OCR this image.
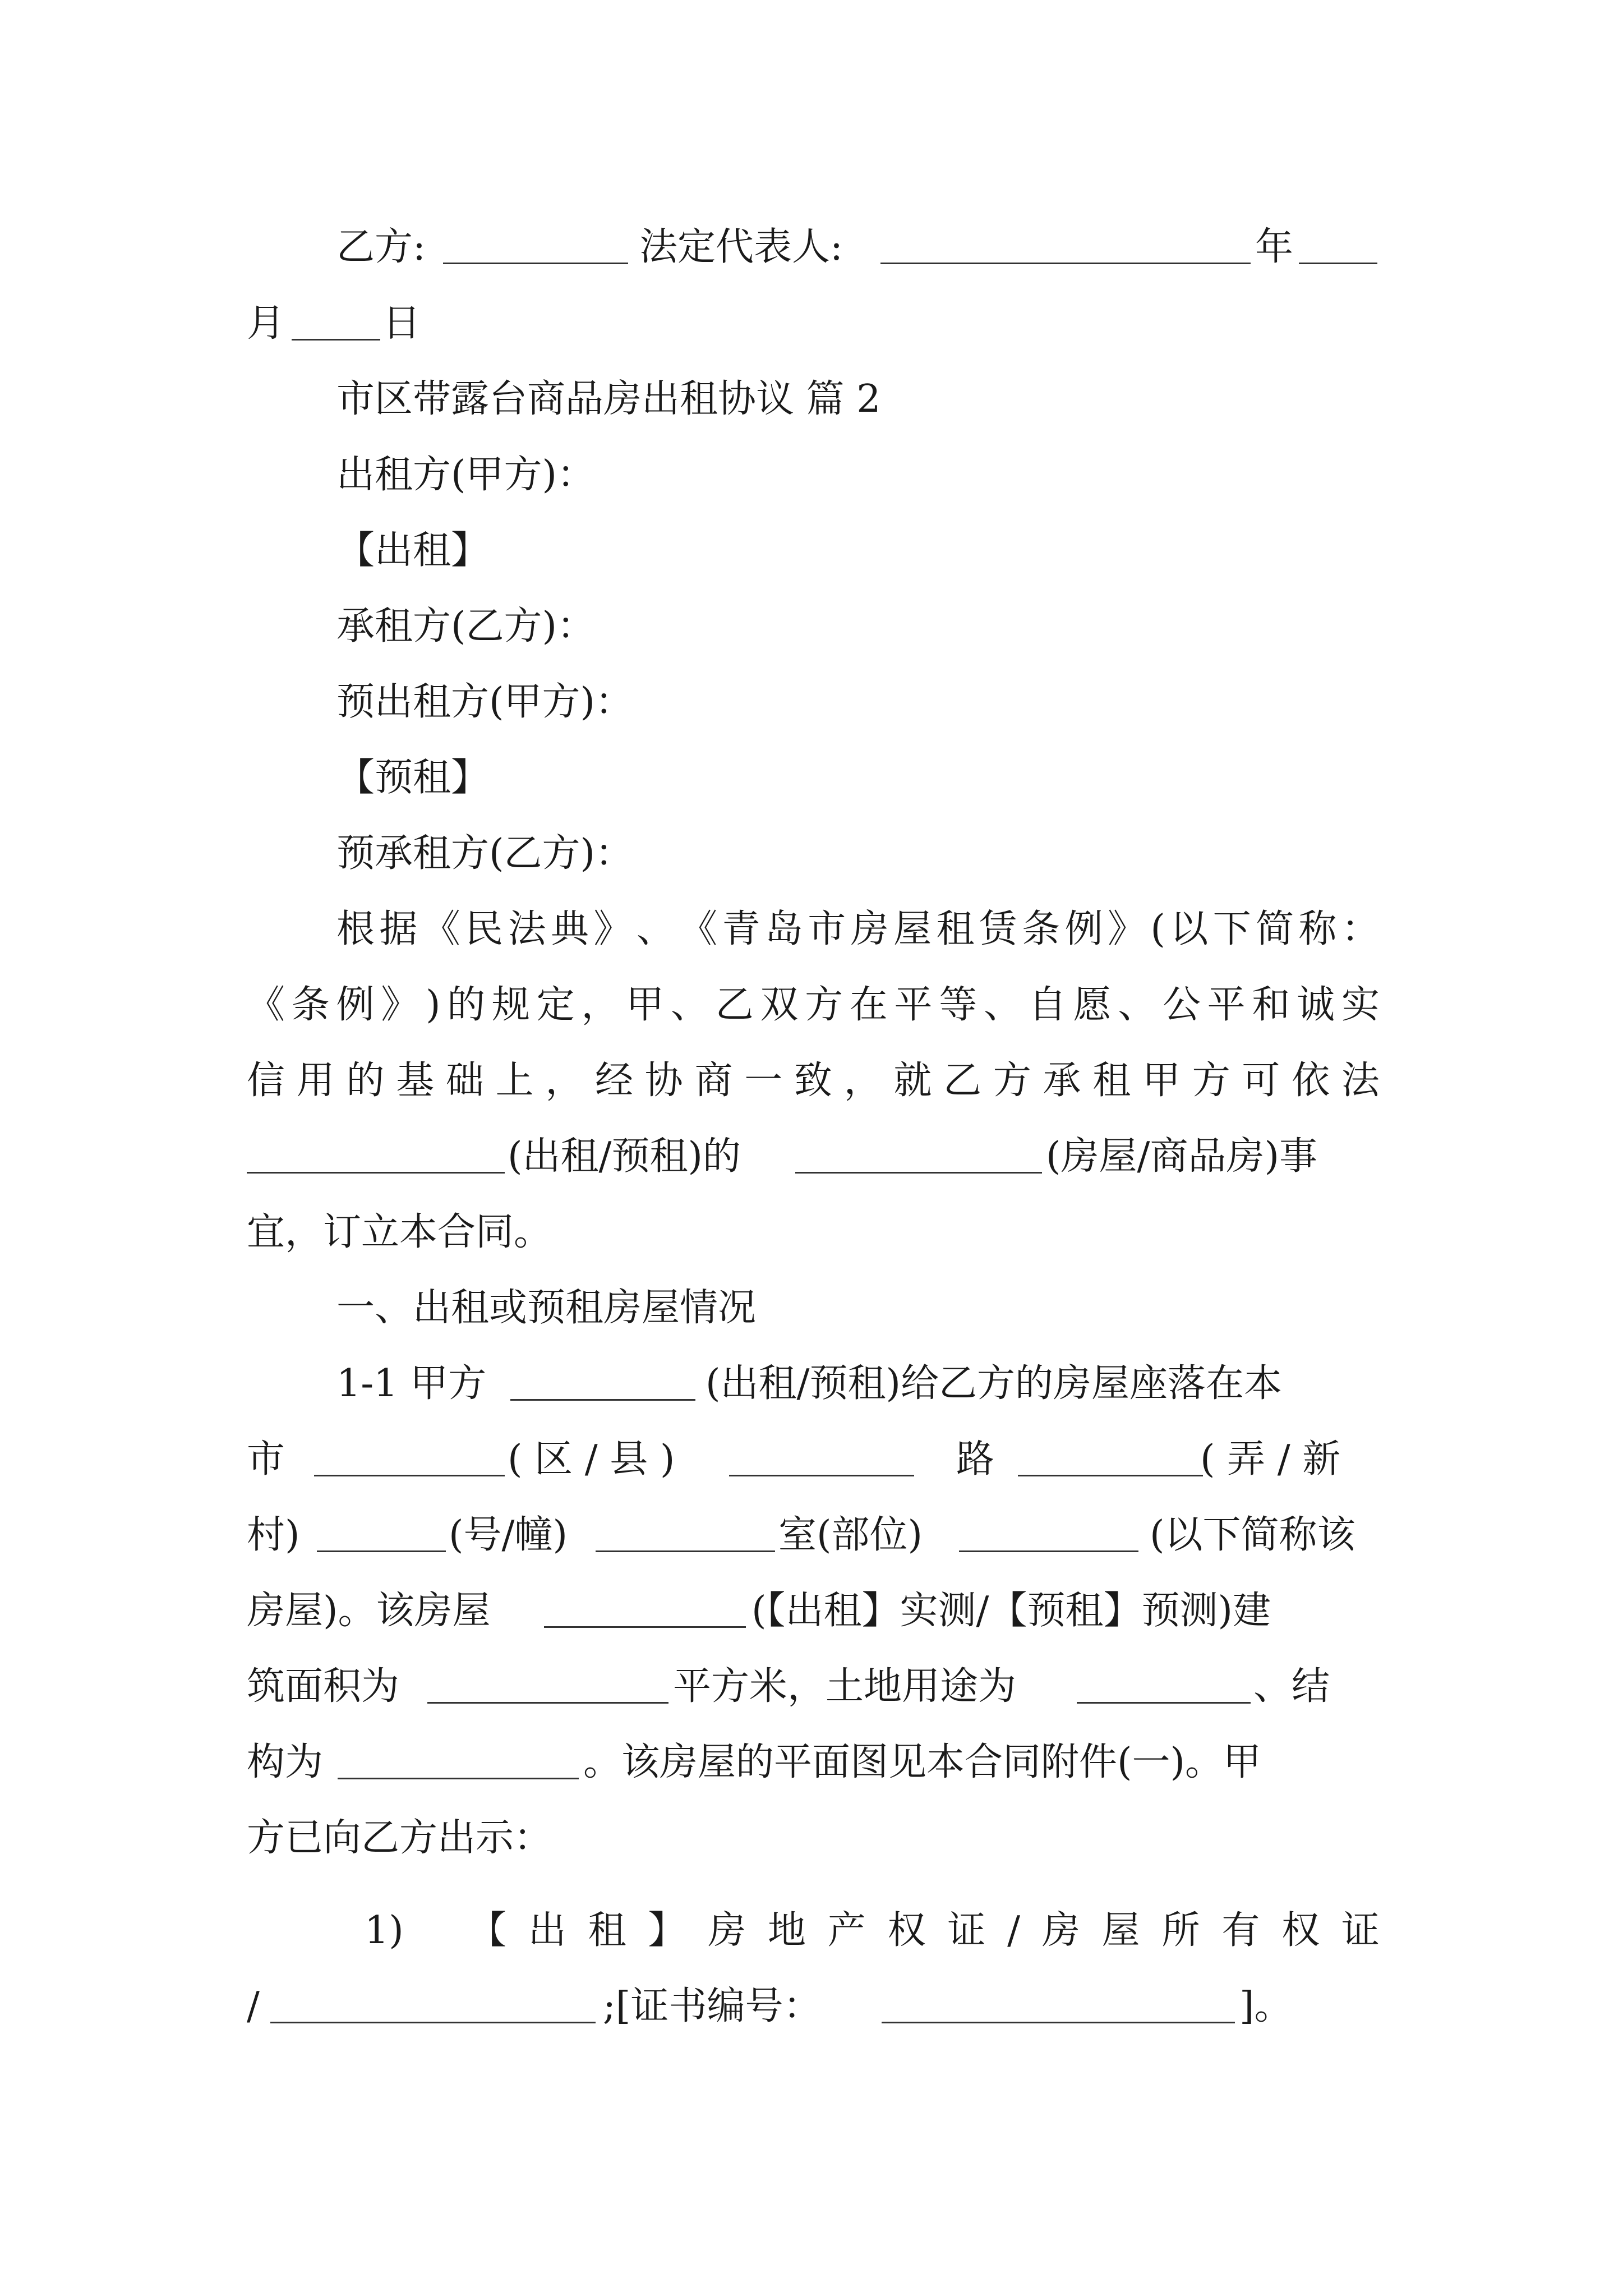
乙方:	法定代表人:	年
月	日
市区带露台商品房出租协议 篇 2
出租方(甲方)：
【出租】
承租方(乙方)：
预出租方(甲方)：
【预租】
预承租方(乙方)：
根 据 《 民 法 典 》 、 《 青 岛 市 房 屋 租 赁 条 例 》 ( 以 下 简 称 ：
《 条 例 》 ) 的 规 定 ， 甲 、 乙 双 方 在 平 等 、 自 愿 、 公 平 和 诚 实
信 用 的 基 础 上 ， 经 协 商 一 致 ， 就 乙 方 承 租 甲 方 可 依 法
(出租/预租)的	(房屋/商品房)事
宜，订立本合同。
一、出租或预租房屋情况
1-1 甲方	(出租/预租)给乙方的房屋座落在本
市	( 区 / 县 )	路	( 弄 / 新
村)	(号/幢)	室(部位)	(以下简称该
房屋)。该房屋	(【出租】实测/【预租】预测)建
筑面积为	平方米，土地用途为	、结
构为	。该房屋的平面图见本合同附件(一)。甲
方已向乙方出示：
1) 【 出 租 】 房 地 产 权 证 / 房 屋 所 有 权 证
/	;[证书编号：	]。
